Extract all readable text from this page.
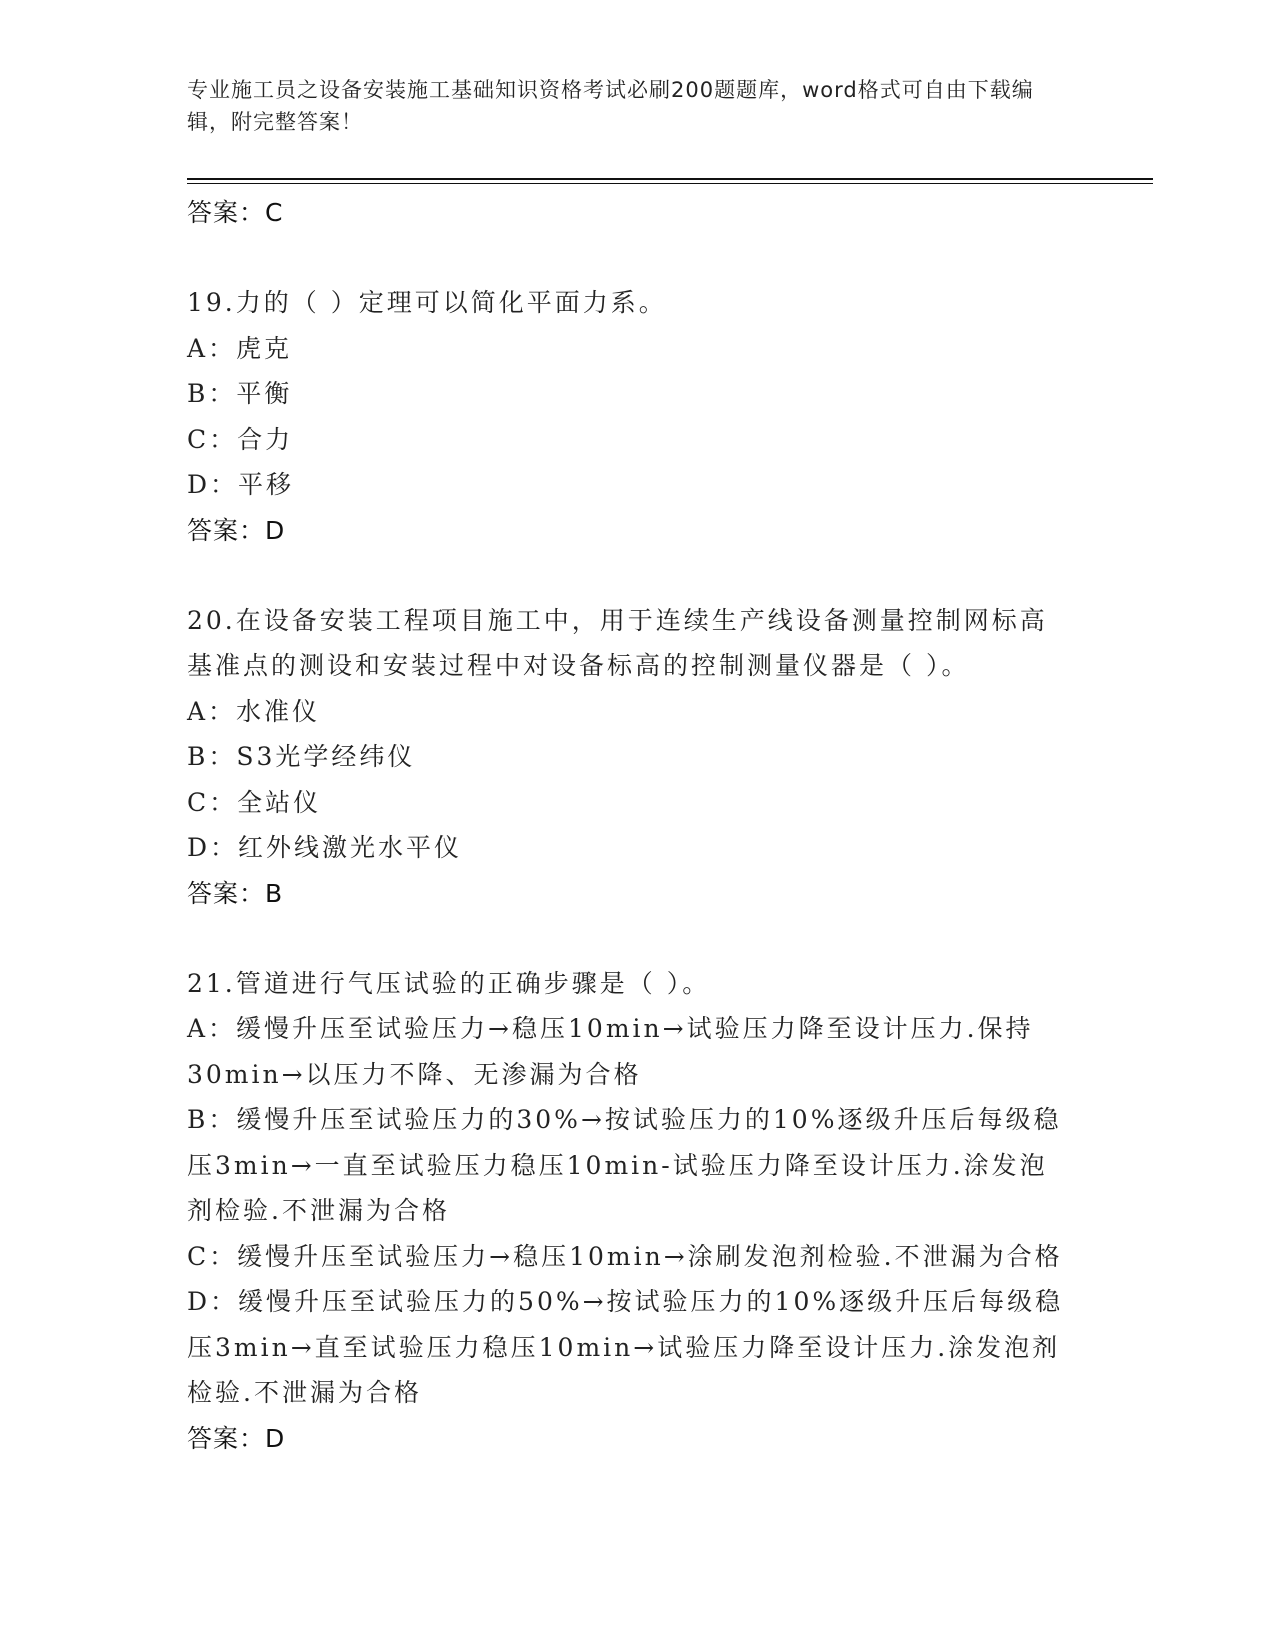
专业施工员之设备安装施工基础知识资格考试必刷200题题库，word格式可自由下载编辑，附完整答案！
答案：C
19.力的（ ）定理可以简化平面力系。
A：虎克
B：平衡
C：合力
D：平移
答案：D
20.在设备安装工程项目施工中，用于连续生产线设备测量控制网标高
基准点的测设和安装过程中对设备标高的控制测量仪器是（ ）。
A：水准仪
B：S3光学经纬仪
C：全站仪
D：红外线激光水平仪
答案：B
21.管道进行气压试验的正确步骤是（ ）。
A：缓慢升压至试验压力→稳压10min→试验压力降至设计压力.保持
30min→以压力不降、无渗漏为合格
B：缓慢升压至试验压力的30%→按试验压力的10%逐级升压后每级稳
压3min→一直至试验压力稳压10min-试验压力降至设计压力.涂发泡
剂检验.不泄漏为合格
C：缓慢升压至试验压力→稳压10min→涂刷发泡剂检验.不泄漏为合格
D：缓慢升压至试验压力的50%→按试验压力的10%逐级升压后每级稳
压3min→直至试验压力稳压10min→试验压力降至设计压力.涂发泡剂
检验.不泄漏为合格
答案：D
